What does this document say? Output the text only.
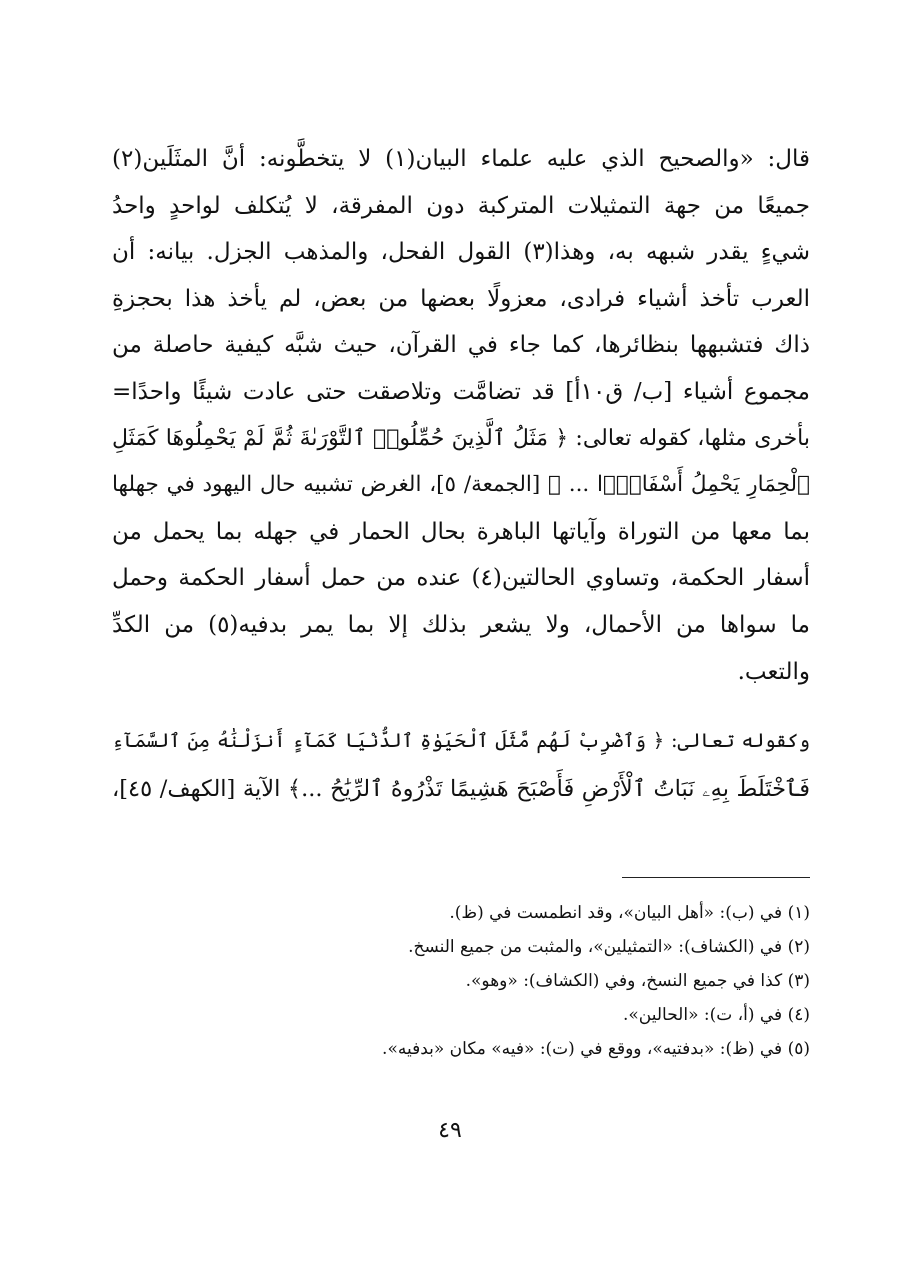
قال: «والصحيح الذي عليه علماء البيان(١) لا يتخطَّونه: أنَّ المثَلَين(٢)
جميعًا من جهة التمثيلات المتركبة دون المفرقة، لا يُتكلف لواحدٍ واحدُ
شيءٍ يقدر شبهه به، وهذا(٣) القول الفحل، والمذهب الجزل. بيانه: أن
العرب تأخذ أشياء فرادى، معزولًا بعضها من بعض، لم يأخذ هذا بحجزةِ
ذاك فتشبهها بنظائرها، كما جاء في القرآن، حيث شبَّه كيفية حاصلة من
مجموع أشياء [ب/ ق١٠أ] قد تضامَّت وتلاصقت حتى عادت شيئًا واحدًا=
بأخرى مثلها، كقوله تعالى: ﴿ مَثَلُ ٱلَّذِينَ حُمِّلُوا۟ ٱلتَّوْرَىٰةَ ثُمَّ لَمْ يَحْمِلُوهَا كَمَثَلِ
ٱلْحِمَارِ يَحْمِلُ أَسْفَارًۢا ... ﴾ [الجمعة/ ٥]، الغرض تشبيه حال اليهود في جهلها
بما معها من التوراة وآياتها الباهرة بحال الحمار في جهله بما يحمل من
أسفار الحكمة، وتساوي الحالتين(٤) عنده من حمل أسفار الحكمة وحمل
ما سواها من الأحمال، ولا يشعر بذلك إلا بما يمر بدفيه(٥) من الكدِّ
والتعب.
وكقوله تعالى: ﴿ وَٱضْرِبْ لَهُم مَّثَلَ ٱلْحَيَوٰةِ ٱلدُّنْيَا كَمَآءٍ أَنزَلْنَٰهُ مِنَ ٱلسَّمَآءِ
فَٱخْتَلَطَ بِهِۦ نَبَاتُ ٱلْأَرْضِ فَأَصْبَحَ هَشِيمًا تَذْرُوهُ ٱلرِّيَٰحُ ...﴾ الآية [الكهف/ ٤٥]،
(١) في (ب): «أهل البيان»، وقد انطمست في (ظ).
(٢) في (الكشاف): «التمثيلين»، والمثبت من جميع النسخ.
(٣) كذا في جميع النسخ، وفي (الكشاف): «وهو».
(٤) في (أ، ت): «الحالين».
(٥) في (ظ): «بدفتيه»، ووقع في (ت): «فيه» مكان «بدفيه».
٤٩
